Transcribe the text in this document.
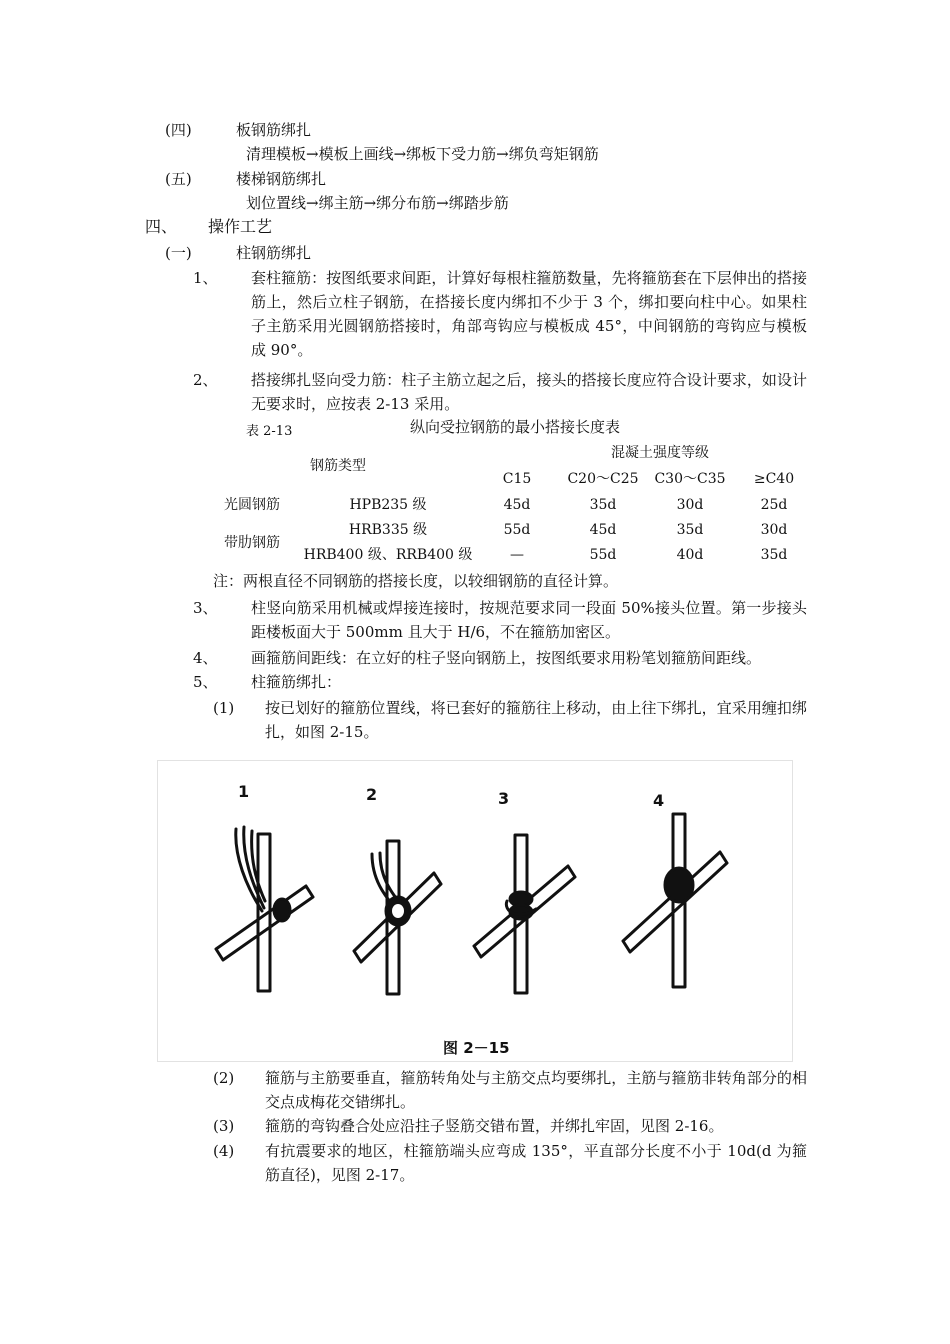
(四)	板钢筋绑扎
清理模板→模板上画线→绑板下受力筋→绑负弯矩钢筋
(五)	楼梯钢筋绑扎
划位置线→绑主筋→绑分布筋→绑踏步筋
四、 操作工艺
(一)	柱钢筋绑扎
1、 套柱箍筋：按图纸要求间距，计算好每根柱箍筋数量，先将箍筋套在下层伸出的搭接筋上，然后立柱子钢筋，在搭接长度内绑扣不少于 3 个，绑扣要向柱中心。如果柱子主筋采用光圆钢筋搭接时，角部弯钩应与模板成 45°，中间钢筋的弯钩应与模板成 90°。
2、 搭接绑扎竖向受力筋：柱子主筋立起之后，接头的搭接长度应符合设计要求，如设计无要求时，应按表 2-13 采用。
表 2-13	纵向受拉钢筋的最小搭接长度表
钢筋类型
混凝土强度等级
C15	C20～C25	C30～C35	≥C40
光圆钢筋	HPB235 级	45d	35d	30d	25d
带肋钢筋
HRB335 级	55d	45d	35d	30d
HRB400 级、RRB400 级	—	55d	40d	35d
注：两根直径不同钢筋的搭接长度，以较细钢筋的直径计算。
3、 柱竖向筋采用机械或焊接连接时，按规范要求同一段面 50%接头位置。第一步接头距楼板面大于 500mm 且大于 H/6，不在箍筋加密区。
4、 画箍筋间距线：在立好的柱子竖向钢筋上，按图纸要求用粉笔划箍筋间距线。
5、 柱箍筋绑扎：
(1) 按已划好的箍筋位置线，将已套好的箍筋往上移动，由上往下绑扎，宜采用缠扣绑扎，如图 2-15。
1	2	3	4
图 2－15
(2) 箍筋与主筋要垂直，箍筋转角处与主筋交点均要绑扎，主筋与箍筋非转角部分的相交点成梅花交错绑扎。
(3) 箍筋的弯钩叠合处应沿拄子竖筋交错布置，并绑扎牢固，见图 2-16。
(4) 有抗震要求的地区，柱箍筋端头应弯成 135°，平直部分长度不小于 10d(d 为箍筋直径)，见图 2-17。
